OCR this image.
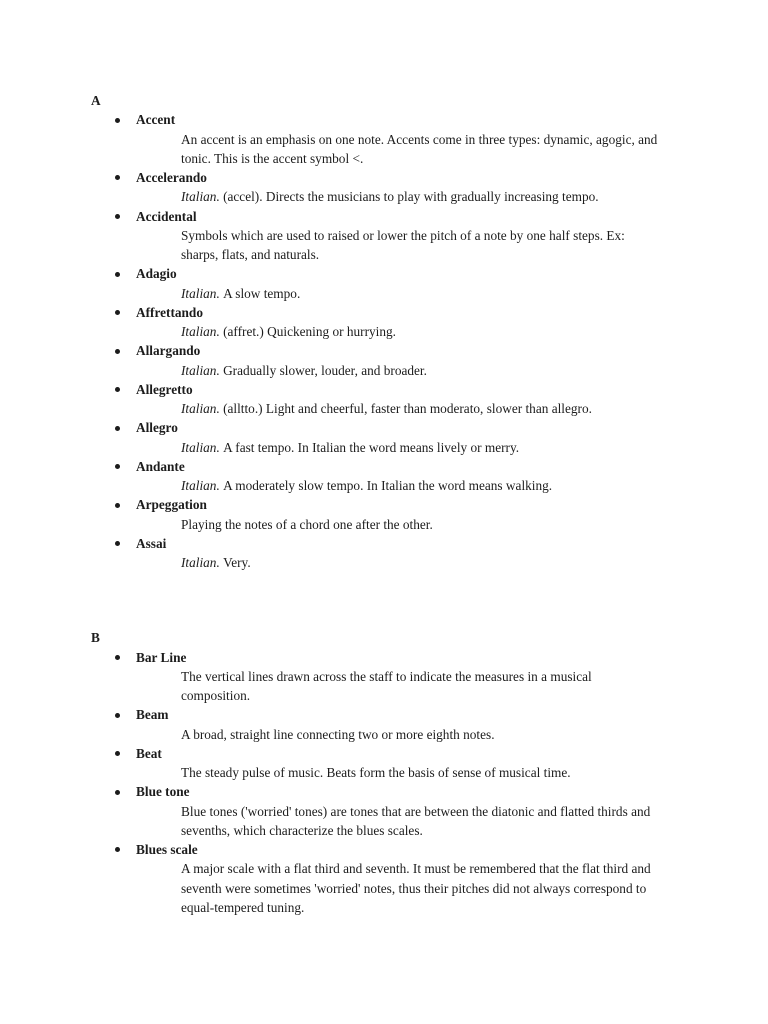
A
Accent
An accent is an emphasis on one note. Accents come in three types: dynamic, agogic, and
tonic. This is the accent symbol <.
Accelerando
Italian. (accel). Directs the musicians to play with gradually increasing tempo.
Accidental
Symbols which are used to raised or lower the pitch of a note by one half steps. Ex:
sharps, flats, and naturals.
Adagio
Italian. A slow tempo.
Affrettando
Italian. (affret.) Quickening or hurrying.
Allargando
Italian. Gradually slower, louder, and broader.
Allegretto
Italian. (alltto.) Light and cheerful, faster than moderato, slower than allegro.
Allegro
Italian. A fast tempo. In Italian the word means lively or merry.
Andante
Italian. A moderately slow tempo. In Italian the word means walking.
Arpeggation
Playing the notes of a chord one after the other.
Assai
Italian. Very.
B
Bar Line
The vertical lines drawn across the staff to indicate the measures in a musical
composition.
Beam
A broad, straight line connecting two or more eighth notes.
Beat
The steady pulse of music. Beats form the basis of sense of musical time.
Blue tone
Blue tones ('worried' tones) are tones that are between the diatonic and flatted thirds and
sevenths, which characterize the blues scales.
Blues scale
A major scale with a flat third and seventh. It must be remembered that the flat third and
seventh were sometimes 'worried' notes, thus their pitches did not always correspond to
equal-tempered tuning.
